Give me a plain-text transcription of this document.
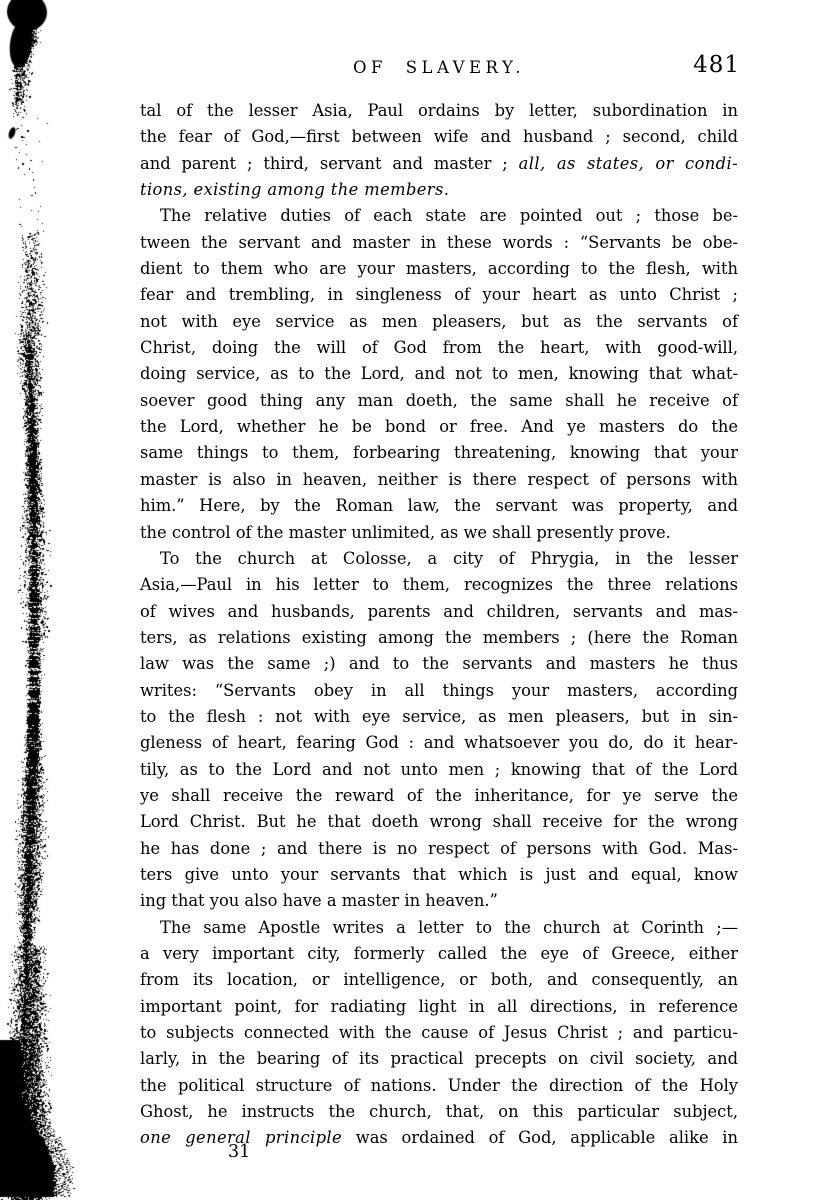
OF SLAVERY.	481
tal of the lesser Asia, Paul ordains by letter, subordination in
the fear of God,—first between wife and husband ; second, child
and parent ; third, servant and master ; all, as states, or condi-
tions, existing among the members.
The relative duties of each state are pointed out ; those be-
tween the servant and master in these words : “Servants be obe-
dient to them who are your masters, according to the flesh, with
fear and trembling, in singleness of your heart as unto Christ ;
not with eye service as men pleasers, but as the servants of
Christ, doing the will of God from the heart, with good-will,
doing service, as to the Lord, and not to men, knowing that what-
soever good thing any man doeth, the same shall he receive of
the Lord, whether he be bond or free. And ye masters do the
same things to them, forbearing threatening, knowing that your
master is also in heaven, neither is there respect of persons with
him.” Here, by the Roman law, the servant was property, and
the control of the master unlimited, as we shall presently prove.
To the church at Colosse, a city of Phrygia, in the lesser
Asia,—Paul in his letter to them, recognizes the three relations
of wives and husbands, parents and children, servants and mas-
ters, as relations existing among the members ; (here the Roman
law was the same ;) and to the servants and masters he thus
writes: “Servants obey in all things your masters, according
to the flesh : not with eye service, as men pleasers, but in sin-
gleness of heart, fearing God : and whatsoever you do, do it hear-
tily, as to the Lord and not unto men ; knowing that of the Lord
ye shall receive the reward of the inheritance, for ye serve the
Lord Christ. But he that doeth wrong shall receive for the wrong
he has done ; and there is no respect of persons with God. Mas-
ters give unto your servants that which is just and equal, know
ing that you also have a master in heaven.”
The same Apostle writes a letter to the church at Corinth ;—
a very important city, formerly called the eye of Greece, either
from its location, or intelligence, or both, and consequently, an
important point, for radiating light in all directions, in reference
to subjects connected with the cause of Jesus Christ ; and particu-
larly, in the bearing of its practical precepts on civil society, and
the political structure of nations. Under the direction of the Holy
Ghost, he instructs the church, that, on this particular subject,
one general principle was ordained of God, applicable alike in
31
